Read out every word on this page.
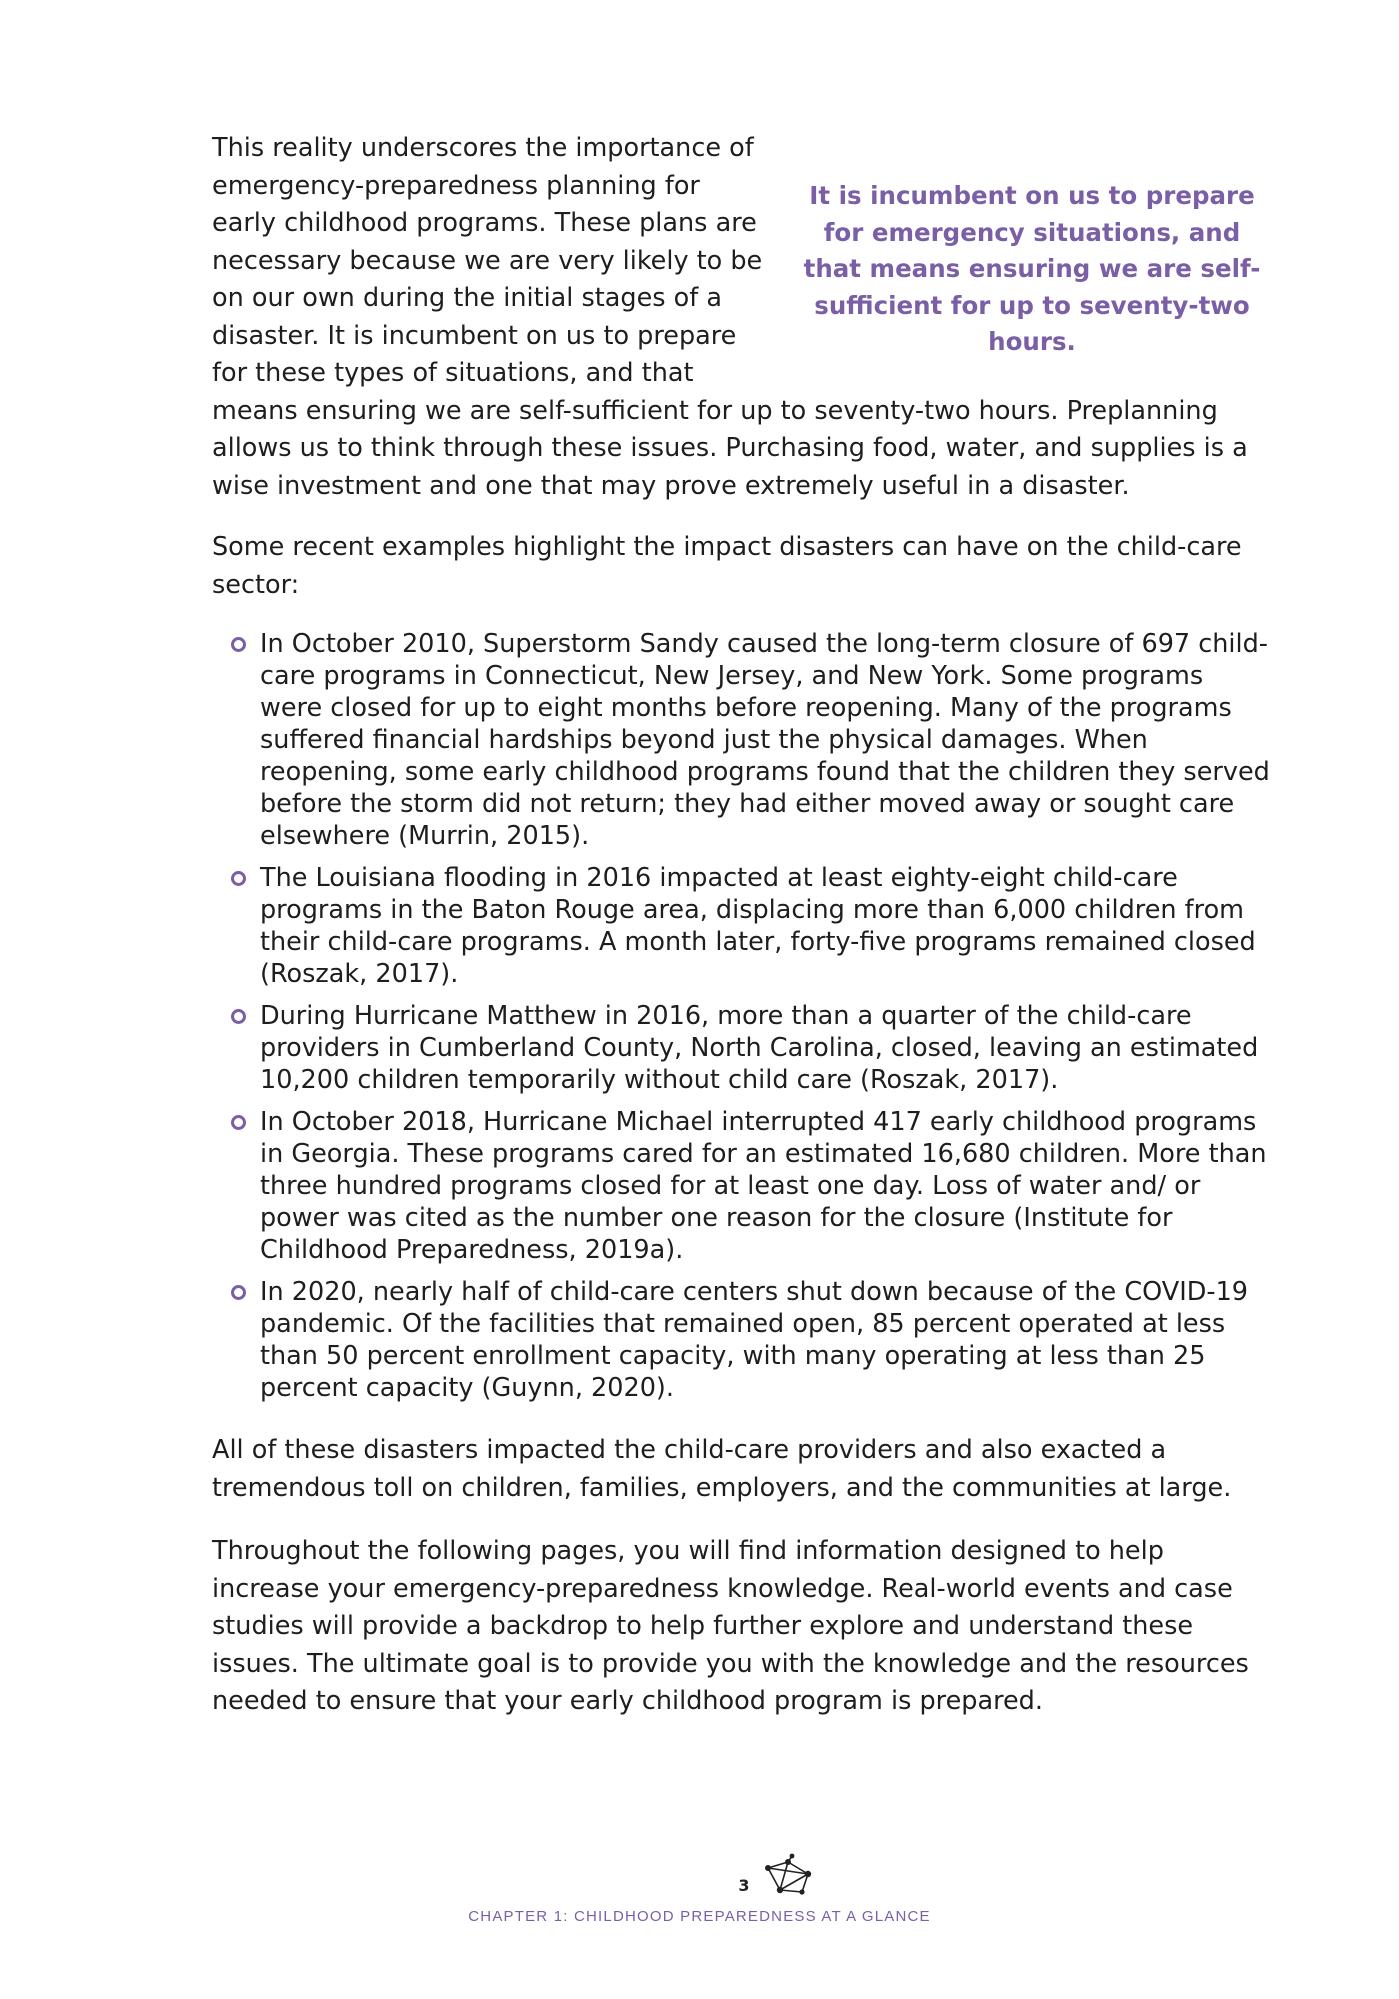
It is incumbent on us to prepare for emergency situations, and that means ensuring we are self-sufficient for up to seventy-two hours.

This reality underscores the importance of emergency-preparedness planning for early childhood programs. These plans are necessary because we are very likely to be on our own during the initial stages of a disaster. It is incumbent on us to prepare for these types of situations, and that means ensuring we are self-sufficient for up to seventy-two hours. Preplanning allows us to think through these issues. Purchasing food, water, and supplies is a wise investment and one that may prove extremely useful in a disaster.

Some recent examples highlight the impact disasters can have on the child-care sector:

In October 2010, Superstorm Sandy caused the long-term closure of 697 child-care programs in Connecticut, New Jersey, and New York. Some programs were closed for up to eight months before reopening. Many of the programs suffered financial hardships beyond just the physical damages. When reopening, some early childhood programs found that the children they served before the storm did not return; they had either moved away or sought care elsewhere (Murrin, 2015).
The Louisiana flooding in 2016 impacted at least eighty-eight child-care programs in the Baton Rouge area, displacing more than 6,000 children from their child-care programs. A month later, forty-five programs remained closed (Roszak, 2017).
During Hurricane Matthew in 2016, more than a quarter of the child-care providers in Cumberland County, North Carolina, closed, leaving an estimated 10,200 children temporarily without child care (Roszak, 2017).
In October 2018, Hurricane Michael interrupted 417 early childhood programs in Georgia. These programs cared for an estimated 16,680 children. More than three hundred programs closed for at least one day. Loss of water and/ or power was cited as the number one reason for the closure (Institute for Childhood Preparedness, 2019a).
In 2020, nearly half of child-care centers shut down because of the COVID-19 pandemic. Of the facilities that remained open, 85 percent operated at less than 50 percent enrollment capacity, with many operating at less than 25 percent capacity (Guynn, 2020).

All of these disasters impacted the child-care providers and also exacted a tremendous toll on children, families, employers, and the communities at large.

Throughout the following pages, you will find information designed to help increase your emergency-preparedness knowledge. Real-world events and case studies will provide a backdrop to help further explore and understand these issues. The ultimate goal is to provide you with the knowledge and the resources needed to ensure that your early childhood program is prepared.

3
CHAPTER 1: CHILDHOOD PREPAREDNESS AT A GLANCE
